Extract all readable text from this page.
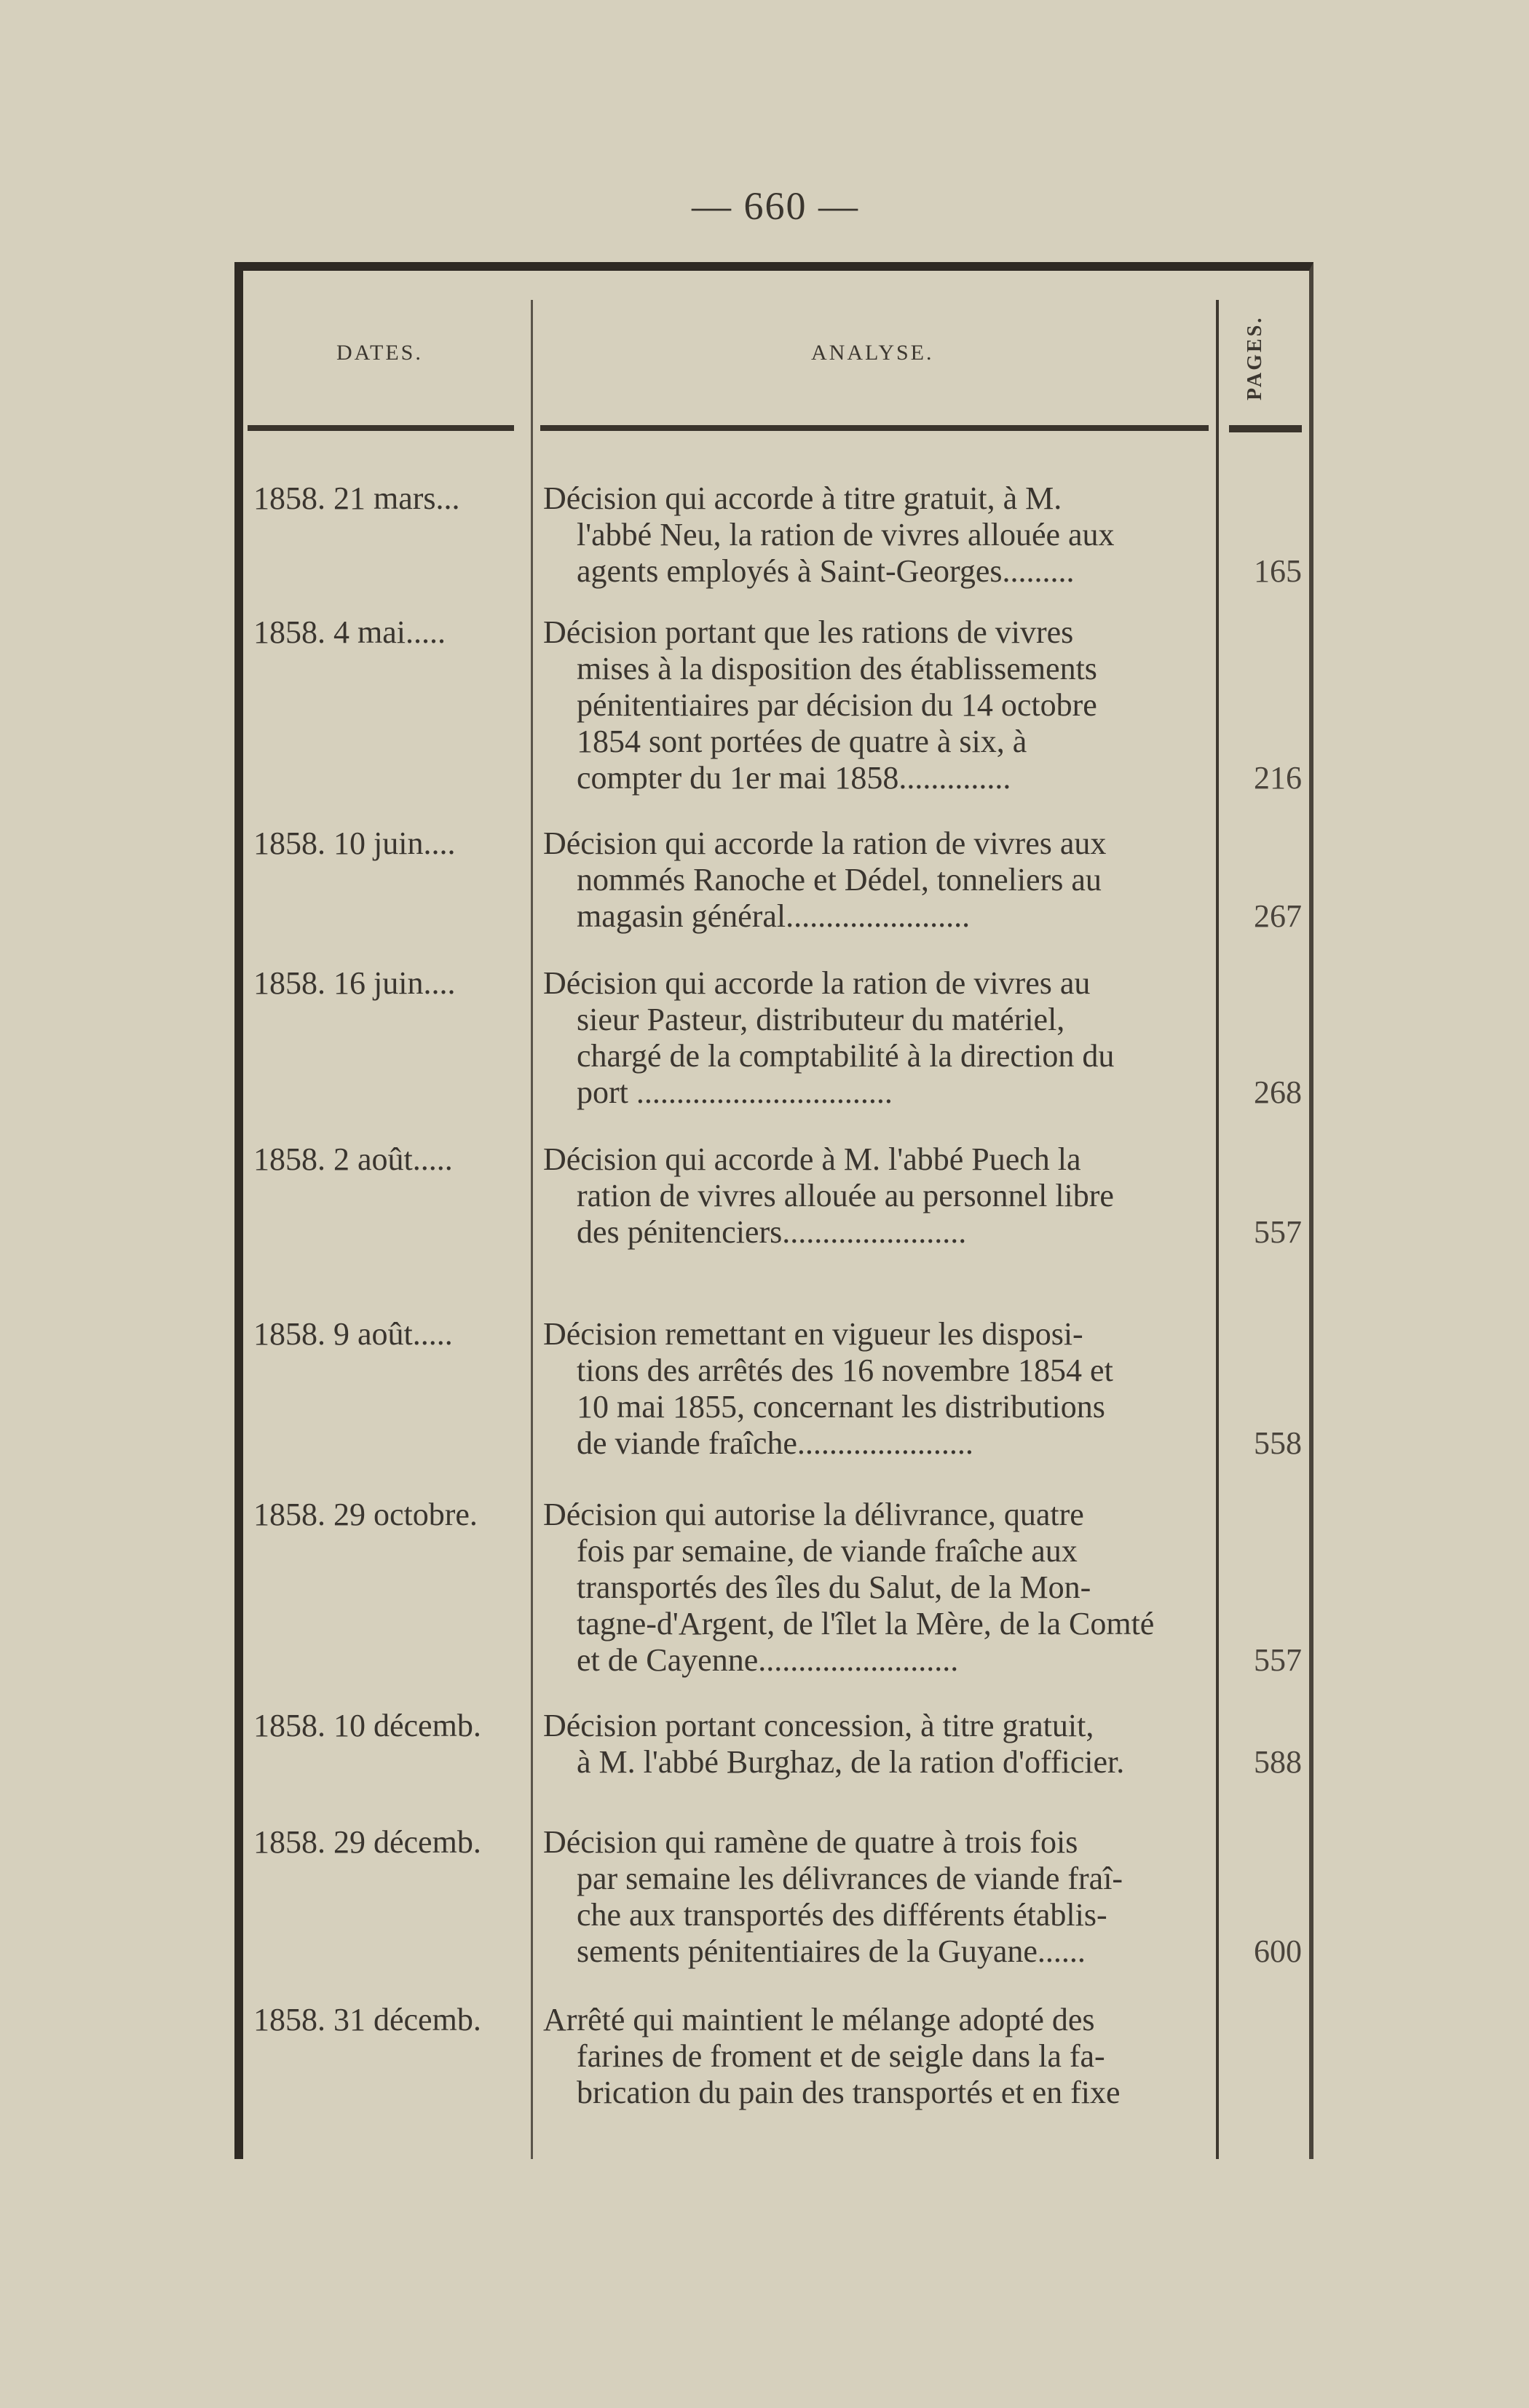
— 660 —
DATES.	ANALYSE.	PAGES.
1858. 21 mars...	Décision qui accorde à titre gratuit, à M.
l'abbé Neu, la ration de vivres allouée aux
agents employés à Saint-Georges.........	165
1858. 4 mai.....	Décision portant que les rations de vivres
mises à la disposition des établissements
pénitentiaires par décision du 14 octobre
1854 sont portées de quatre à six, à
compter du 1er mai 1858..............	216
1858. 10 juin....	Décision qui accorde la ration de vivres aux
nommés Ranoche et Dédel, tonneliers au
magasin général.......................	267
1858. 16 juin....	Décision qui accorde la ration de vivres au
sieur Pasteur, distributeur du matériel,
chargé de la comptabilité à la direction du
port ................................	268
1858. 2 août.....	Décision qui accorde à M. l'abbé Puech la
ration de vivres allouée au personnel libre
des pénitenciers.......................	557
1858. 9 août.....	Décision remettant en vigueur les disposi-
tions des arrêtés des 16 novembre 1854 et
10 mai 1855, concernant les distributions
de viande fraîche......................	558
1858. 29 octobre.	Décision qui autorise la délivrance, quatre
fois par semaine, de viande fraîche aux
transportés des îles du Salut, de la Mon-
tagne-d'Argent, de l'îlet la Mère, de la Comté
et de Cayenne.........................	557
1858. 10 décemb.	Décision portant concession, à titre gratuit,
à M. l'abbé Burghaz, de la ration d'officier.	588
1858. 29 décemb.	Décision qui ramène de quatre à trois fois
par semaine les délivrances de viande fraî-
che aux transportés des différents établis-
sements pénitentiaires de la Guyane......	600
1858. 31 décemb.	Arrêté qui maintient le mélange adopté des
farines de froment et de seigle dans la fa-
brication du pain des transportés et en fixe
